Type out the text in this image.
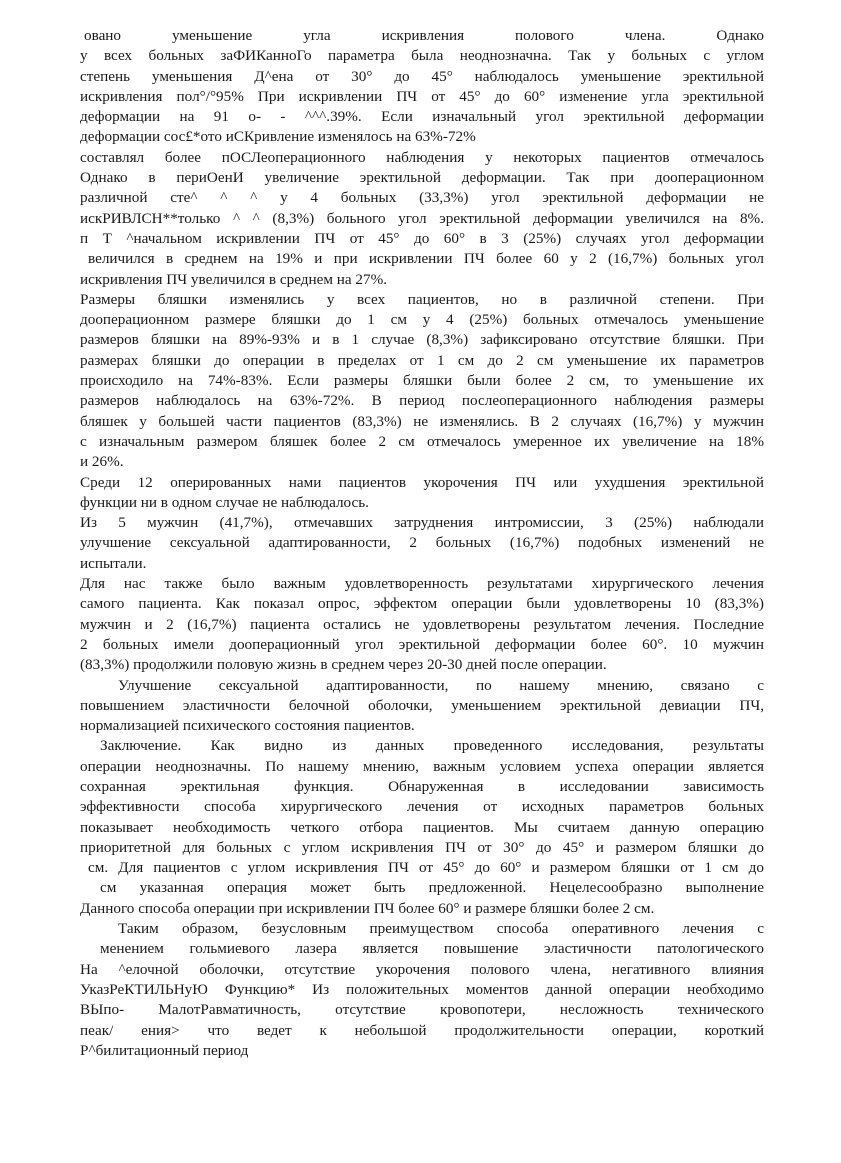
овано уменьшение угла искривления полового члена. Однако
у всех больных заФИКанноГо параметра была неоднозначна. Так у больных с углом
степень уменьшения Д^ена от 30° до 45° наблюдалось уменьшение эректильной
искривления пол°/°95% При искривлении ПЧ от 45° до 60° изменение угла эректильной
деформации на 91 о- - ^^^.39%. Если изначальный угол эректильной деформации
деформации сос£*ото иСКривление изменялось на 63%-72%
составлял более пОСЛеоперационного наблюдения у некоторых пациентов отмечалось
Однако в периОенИ увеличение эректильной деформации. Так при дооперационном
различной сте^ ^ ^ у 4 больных (33,3%) угол эректильной деформации не
искРИВЛСН**только ^ ^ (8,3%) больного угол эректильной деформации увеличился на 8%.
п Т ^начальном искривлении ПЧ от 45° до 60° в 3 (25%) случаях угол деформации
величился в среднем на 19% и при искривлении ПЧ более 60 у 2 (16,7%) больных угол
искривления ПЧ увеличился в среднем на 27%.
Размеры бляшки изменялись у всех пациентов, но в различной степени. При
дооперационном размере бляшки до 1 см у 4 (25%) больных отмечалось уменьшение
размеров бляшки на 89%-93% и в 1 случае (8,3%) зафиксировано отсутствие бляшки. При
размерах бляшки до операции в пределах от 1 см до 2 см уменьшение их параметров
происходило на 74%-83%. Если размеры бляшки были более 2 см, то уменьшение их
размеров наблюдалось на 63%-72%. В период послеоперационного наблюдения размеры
бляшек у большей части пациентов (83,3%) не изменялись. В 2 случаях (16,7%) у мужчин
с изначальным размером бляшек более 2 см отмечалось умеренное их увеличение на 18%
и 26%.
Среди 12 оперированных нами пациентов укорочения ПЧ или ухудшения эректильной
функции ни в одном случае не наблюдалось.
Из 5 мужчин (41,7%), отмечавших затруднения интромиссии, 3 (25%) наблюдали
улучшение сексуальной адаптированности, 2 больных (16,7%) подобных изменений не
испытали.
Для нас также было важным удовлетворенность результатами хирургического лечения
самого пациента. Как показал опрос, эффектом операции были удовлетворены 10 (83,3%)
мужчин и 2 (16,7%) пациента остались не удовлетворены результатом лечения. Последние
2 больных имели дооперационный угол эректильной деформации более 60°. 10 мужчин
(83,3%) продолжили половую жизнь в среднем через 20-30 дней после операции.
Улучшение сексуальной адаптированности, по нашему мнению, связано с
повышением эластичности белочной оболочки, уменьшением эректильной девиации ПЧ,
нормализацией психического состояния пациентов.
Заключение. Как видно из данных проведенного исследования, результаты
операции неоднозначны. По нашему мнению, важным условием успеха операции является
сохранная эректильная функция. Обнаруженная в исследовании зависимость
эффективности способа хирургического лечения от исходных параметров больных
показывает необходимость четкого отбора пациентов. Мы считаем данную операцию
приоритетной для больных с углом искривления ПЧ от 30° до 45° и размером бляшки до
см. Для пациентов с углом искривления ПЧ от 45° до 60° и размером бляшки от 1 см до
см указанная операция может быть предложенной. Нецелесообразно выполнение
Данного способа операции при искривлении ПЧ более 60° и размере бляшки более 2 см.
Таким образом, безусловным преимуществом способа оперативного лечения с
менением гольмиевого лазера является повышение эластичности патологического
На ^елочной оболочки, отсутствие укорочения полового члена, негативного влияния
УказРеКТИЛЬНуЮ Функцию* Из положительных моментов данной операции необходимо
ВЫпо- МалотРавматичность, отсутствие кровопотери, несложность технического
пеак/ ения> что ведет к небольшой продолжительности операции, короткий
Р^билитационный период
